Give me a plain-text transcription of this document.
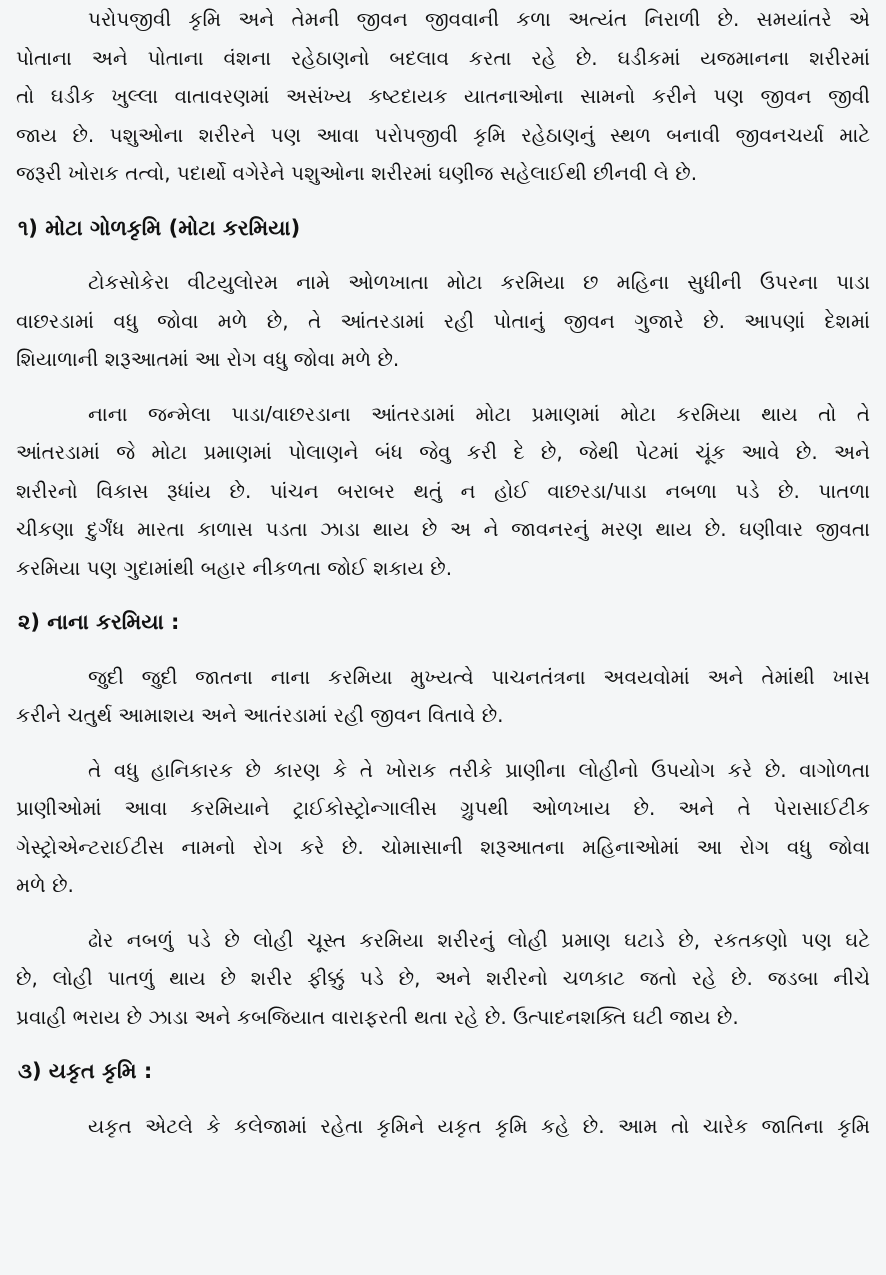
પરોપજીવી કૃમિ અને તેમની જીવન જીવવાની કળા અત્યંત નિરાળી છે. સમયાંતરે એ
પોતાના અને પોતાના વંશના રહેઠાણનો બદલાવ કરતા રહે છે. ઘડીકમાં યજમાનના શરીરમાં
તો ઘડીક ખુલ્લા વાતાવરણમાં અસંખ્ય કષ્ટદાયક યાતનાઓના સામનો કરીને પણ જીવન જીવી
જાય છે. પશુઓના શરીરને પણ આવા પરોપજીવી કૃમિ રહેઠાણનું સ્થળ બનાવી જીવનચર્યા માટે
જરૂરી ખોરાક તત્વો, પદાર્થો વગેરેને પશુઓના શરીરમાં ઘણીજ સહેલાઈથી છીનવી લે છે.
૧) મોટા ગોળકૃમિ (મોટા કરમિયા)
ટોકસોકેરા વીટયુલોરમ નામે ઓળખાતા મોટા કરમિયા છ મહિના સુધીની ઉપરના પાડા
વાછરડામાં વધુ જોવા મળે છે, તે આંતરડામાં રહી પોતાનું જીવન ગુજારે છે. આપણાં દેશમાં
શિયાળાની શરૂઆતમાં આ રોગ વધુ જોવા મળે છે.
નાના જન્મેલા પાડા/વાછરડાના આંતરડામાં મોટા પ્રમાણમાં મોટા કરમિયા થાય તો તે
આંતરડામાં જે મોટા પ્રમાણમાં પોલાણને બંધ જેવુ કરી દે છે, જેથી પેટમાં ચૂંક આવે છે. અને
શરીરનો વિકાસ રૂધાંય છે. પાંચન બરાબર થતું ન હોઈ વાછરડા/પાડા નબળા પડે છે. પાતળા
ચીકણા દુર્ગંધ મારતા કાળાસ પડતા ઝાડા થાય છે અ ને જાવનરનું મરણ થાય છે. ઘણીવાર જીવતા
કરમિયા પણ ગુદામાંથી બહાર નીકળતા જોઈ શકાય છે.
૨) નાના કરમિયા :
જુદી જુદી જાતના નાના કરમિયા મુખ્યત્વે પાચનતંત્રના અવયવોમાં અને તેમાંથી ખાસ
કરીને ચતુર્થ આમાશય અને આતંરડામાં રહી જીવન વિતાવે છે.
તે વધુ હાનિકારક છે કારણ કે તે ખોરાક તરીકે પ્રાણીના લોહીનો ઉપયોગ કરે છે. વાગોળતા
પ્રાણીઓમાં આવા કરમિયાને ટ્રાઈકોસ્ટ્રોન્ગાલીસ ગ્રુપથી ઓળખાય છે. અને તે પેરાસાઈટીક
ગેસ્ટ્રોએન્ટરાઈટીસ નામનો રોગ કરે છે. ચોમાસાની શરૂઆતના મહિનાઓમાં આ રોગ વધુ જોવા
મળે છે.
ઢોર નબળું પડે છે લોહી ચૂસ્ત કરમિયા શરીરનું લોહી પ્રમાણ ઘટાડે છે, રકતકણો પણ ઘટે
છે, લોહી પાતળું થાય છે શરીર ફીક્કું પડે છે, અને શરીરનો ચળકાટ જતો રહે છે. જડબા નીચે
પ્રવાહી ભરાય છે ઝાડા અને કબજિયાત વારાફરતી થતા રહે છે. ઉત્પાદનશક્તિ ઘટી જાય છે.
૩) યકૃત કૃમિ :
યકૃત એટલે કે કલેજામાં રહેતા કૃમિને યકૃત કૃમિ કહે છે. આમ તો ચારેક જાતિના કૃમિ
